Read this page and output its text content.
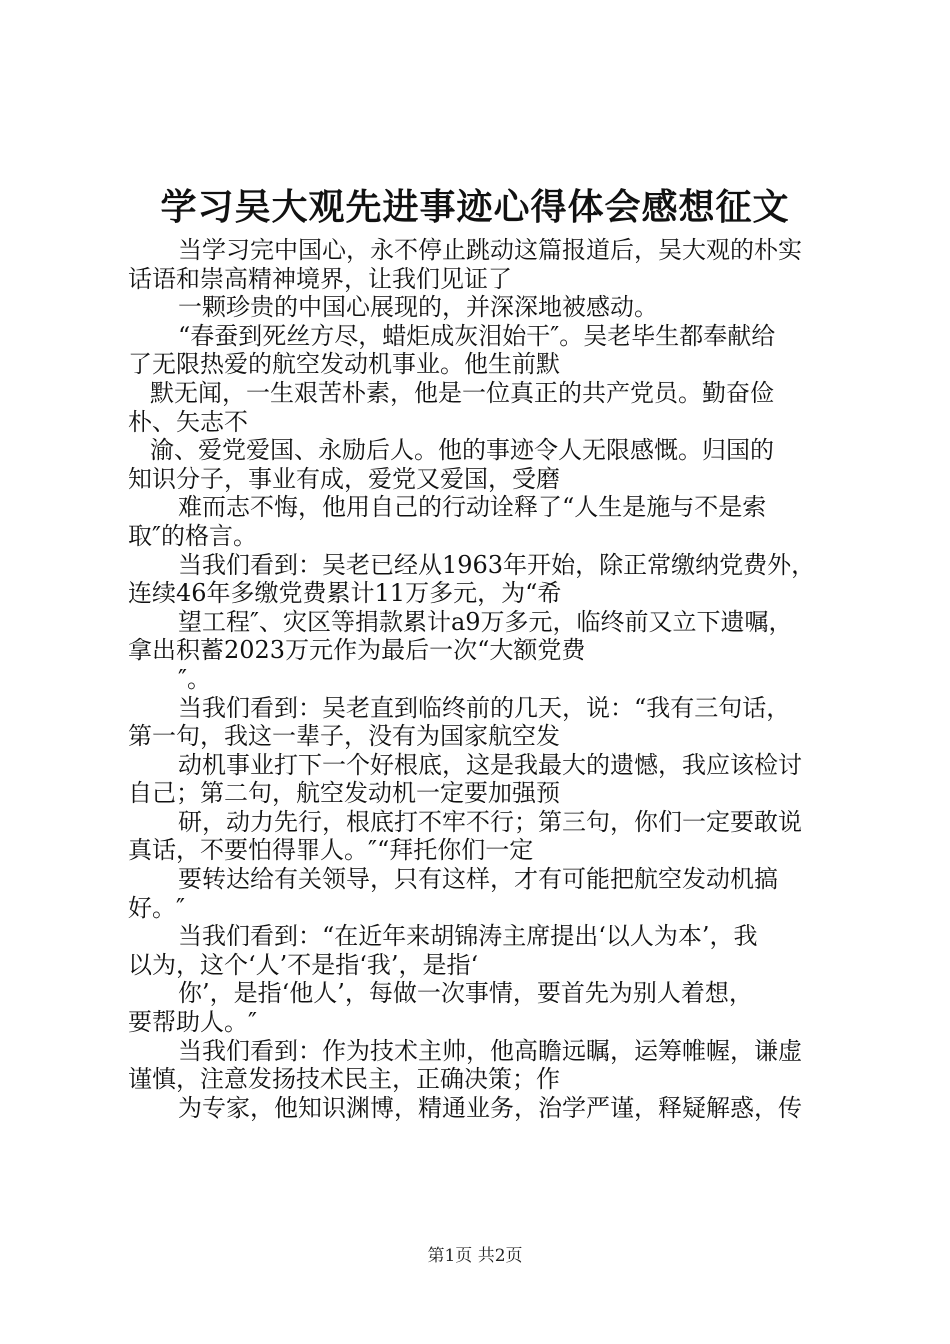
学习吴大观先进事迹心得体会感想征文
当学习完中国心，永不停止跳动这篇报道后，吴大观的朴实
话语和崇高精神境界，让我们见证了
一颗珍贵的中国心展现的，并深深地被感动。
“春蚕到死丝方尽，蜡炬成灰泪始干″。吴老毕生都奉献给
了无限热爱的航空发动机事业。他生前默
默无闻，一生艰苦朴素，他是一位真正的共产党员。勤奋俭
朴、矢志不
渝、爱党爱国、永励后人。他的事迹令人无限感慨。归国的
知识分子，事业有成，爱党又爱国，受磨
难而志不悔，他用自己的行动诠释了“人生是施与不是索
取″的格言。
当我们看到：吴老已经从1963年开始，除正常缴纳党费外，
连续46年多缴党费累计11万多元，为“希
望工程″、灾区等捐款累计a9万多元，临终前又立下遗嘱，
拿出积蓄2023万元作为最后一次“大额党费
″。
当我们看到：吴老直到临终前的几天，说：“我有三句话，
第一句，我这一辈子，没有为国家航空发
动机事业打下一个好根底，这是我最大的遗憾，我应该检讨
自己；第二句，航空发动机一定要加强预
研，动力先行，根底打不牢不行；第三句，你们一定要敢说
真话，不要怕得罪人。″“拜托你们一定
要转达给有关领导，只有这样，才有可能把航空发动机搞
好。″
当我们看到：“在近年来胡锦涛主席提出‘以人为本’，我
以为，这个‘人’不是指‘我’，是指‘
你’，是指‘他人’，每做一次事情，要首先为别人着想，
要帮助人。″
当我们看到：作为技术主帅，他高瞻远瞩，运筹帷幄，谦虚
谨慎，注意发扬技术民主，正确决策；作
为专家，他知识渊博，精通业务，治学严谨，释疑解惑，传
第1页 共2页
